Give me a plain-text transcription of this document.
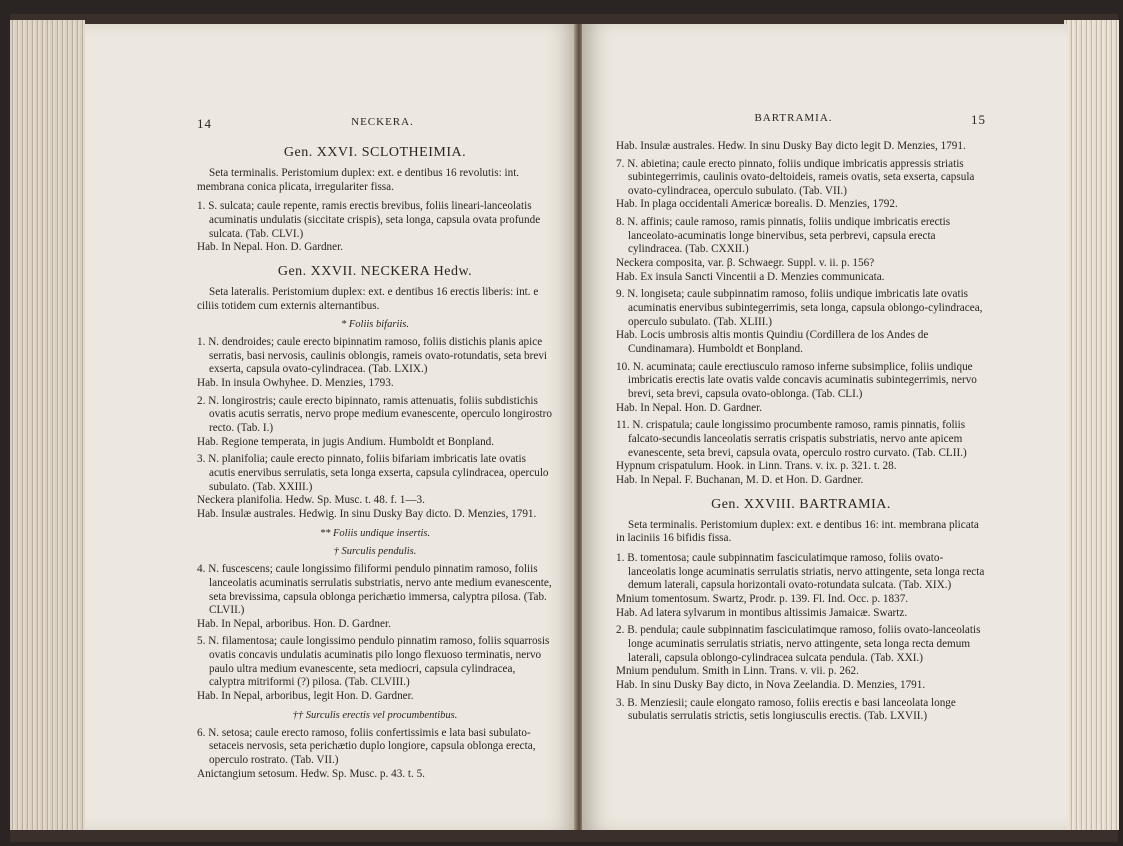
14	NECKERA.
Gen. XXVI. SCLOTHEIMIA.

Seta terminalis. Peristomium duplex: ext. e dentibus 16 revolutis: int. membrana conica plicata, irregulariter fissa.

1. S. sulcata; caule repente, ramis erectis brevibus, foliis lineari-lanceolatis acuminatis undulatis (siccitate crispis), seta longa, capsula ovata profunde sulcata. (Tab. CLVI.)

Hab. In Nepal. Hon. D. Gardner.

Gen. XXVII. NECKERA Hedw.

Seta lateralis. Peristomium duplex: ext. e dentibus 16 erectis liberis: int. e ciliis totidem cum externis alternantibus.

* Foliis bifariis.

1. N. dendroides; caule erecto bipinnatim ramoso, foliis distichis planis apice serratis, basi nervosis, caulinis oblongis, rameis ovato-rotundatis, seta brevi exserta, capsula ovato-cylindracea. (Tab. LXIX.)

Hab. In insula Owhyhee. D. Menzies, 1793.

2. N. longirostris; caule erecto bipinnato, ramis attenuatis, foliis subdistichis ovatis acutis serratis, nervo prope medium evanescente, operculo longirostro recto. (Tab. I.)

Hab. Regione temperata, in jugis Andium. Humboldt et Bonpland.

3. N. planifolia; caule erecto pinnato, foliis bifariam imbricatis late ovatis acutis enervibus serrulatis, seta longa exserta, capsula cylindracea, operculo subulato. (Tab. XXIII.)

Neckera planifolia. Hedw. Sp. Musc. t. 48. f. 1—3.

Hab. Insulæ australes. Hedwig. In sinu Dusky Bay dicto. D. Menzies, 1791.

** Foliis undique insertis.
† Surculis pendulis.

4. N. fuscescens; caule longissimo filiformi pendulo pinnatim ramoso, foliis lanceolatis acuminatis serrulatis substriatis, nervo ante medium evanescente, seta brevissima, capsula oblonga perichætio immersa, calyptra pilosa. (Tab. CLVII.)

Hab. In Nepal, arboribus. Hon. D. Gardner.

5. N. filamentosa; caule longissimo pendulo pinnatim ramoso, foliis squarrosis ovatis concavis undulatis acuminatis pilo longo flexuoso terminatis, nervo paulo ultra medium evanescente, seta mediocri, capsula cylindracea, calyptra mitriformi (?) pilosa. (Tab. CLVIII.)

Hab. In Nepal, arboribus, legit Hon. D. Gardner.

†† Surculis erectis vel procumbentibus.

6. N. setosa; caule erecto ramoso, foliis confertissimis e lata basi subulato-setaceis nervosis, seta perichætio duplo longiore, capsula oblonga erecta, operculo rostrato. (Tab. VII.)

Anictangium setosum. Hedw. Sp. Musc. p. 43. t. 5.

BARTRAMIA.	15

Hab. Insulæ australes. Hedw. In sinu Dusky Bay dicto legit D. Menzies, 1791.

7. N. abietina; caule erecto pinnato, foliis undique imbricatis appressis striatis subintegerrimis, caulinis ovato-deltoideis, rameis ovatis, seta exserta, capsula ovato-cylindracea, operculo subulato. (Tab. VII.)

Hab. In plaga occidentali Americæ borealis. D. Menzies, 1792.

8. N. affinis; caule ramoso, ramis pinnatis, foliis undique imbricatis erectis lanceolato-acuminatis longe binervibus, seta perbrevi, capsula erecta cylindracea. (Tab. CXXII.)

Neckera composita, var. β. Schwaegr. Suppl. v. ii. p. 156?

Hab. Ex insula Sancti Vincentii a D. Menzies communicata.

9. N. longiseta; caule subpinnatim ramoso, foliis undique imbricatis late ovatis acuminatis enervibus subintegerrimis, seta longa, capsula oblongo-cylindracea, operculo subulato. (Tab. XLIII.)

Hab. Locis umbrosis altis montis Quindiu (Cordillera de los Andes de Cundinamara). Humboldt et Bonpland.

10. N. acuminata; caule erectiusculo ramoso inferne subsimplice, foliis undique imbricatis erectis late ovatis valde concavis acuminatis subintegerrimis, nervo brevi, seta brevi, capsula ovato-oblonga. (Tab. CLI.)

Hab. In Nepal. Hon. D. Gardner.

11. N. crispatula; caule longissimo procumbente ramoso, ramis pinnatis, foliis falcato-secundis lanceolatis serratis crispatis substriatis, nervo ante apicem evanescente, seta brevi, capsula ovata, operculo rostro curvato. (Tab. CLII.)

Hypnum crispatulum. Hook. in Linn. Trans. v. ix. p. 321. t. 28.

Hab. In Nepal. F. Buchanan, M. D. et Hon. D. Gardner.

Gen. XXVIII. BARTRAMIA.

Seta terminalis. Peristomium duplex: ext. e dentibus 16: int. membrana plicata in laciniis 16 bifidis fissa.

1. B. tomentosa; caule subpinnatim fasciculatimque ramoso, foliis ovato-lanceolatis longe acuminatis serrulatis striatis, nervo attingente, seta longa recta demum laterali, capsula horizontali ovato-rotundata sulcata. (Tab. XIX.)

Mnium tomentosum. Swartz, Prodr. p. 139. Fl. Ind. Occ. p. 1837.

Hab. Ad latera sylvarum in montibus altissimis Jamaicæ. Swartz.

2. B. pendula; caule subpinnatim fasciculatimque ramoso, foliis ovato-lanceolatis longe acuminatis serrulatis striatis, nervo attingente, seta longa recta demum laterali, capsula oblongo-cylindracea sulcata pendula. (Tab. XXI.)

Mnium pendulum. Smith in Linn. Trans. v. vii. p. 262.

Hab. In sinu Dusky Bay dicto, in Nova Zeelandia. D. Menzies, 1791.

3. B. Menziesii; caule elongato ramoso, foliis erectis e basi lanceolata longe subulatis serrulatis strictis, setis longiusculis erectis. (Tab. LXVII.)
